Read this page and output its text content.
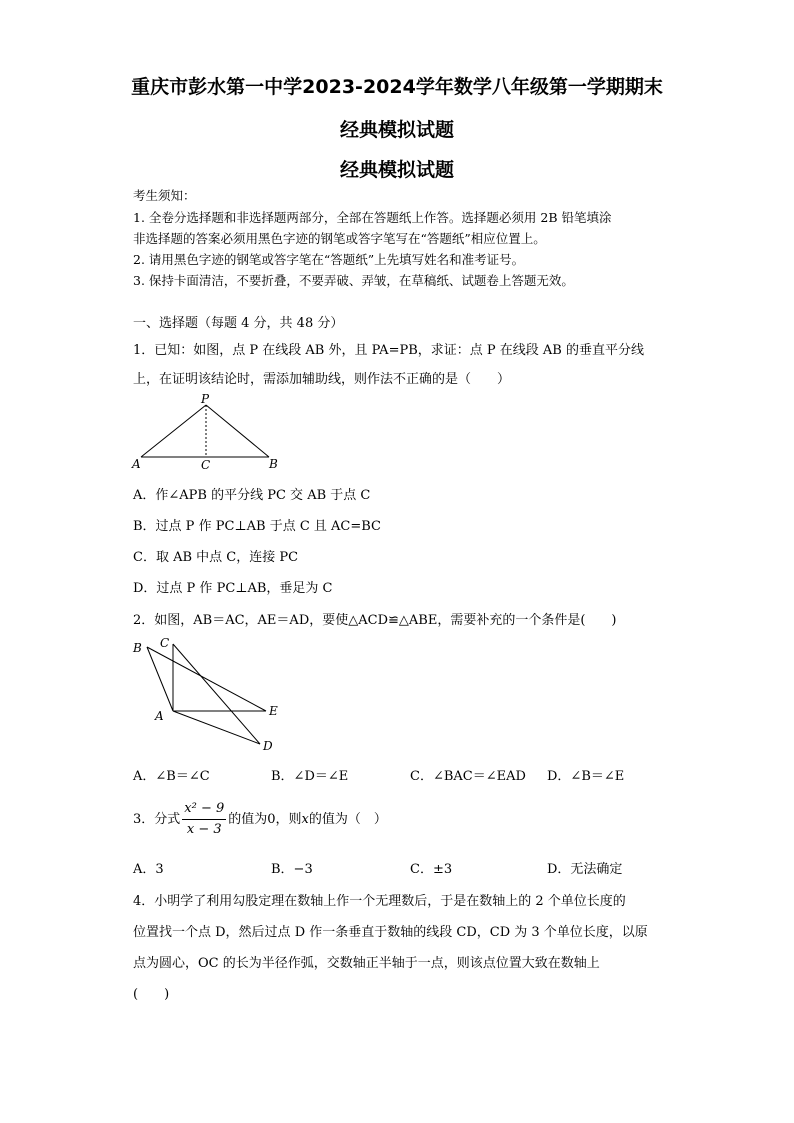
重庆市彭水第一中学2023-2024学年数学八年级第一学期期末
经典模拟试题
经典模拟试题
考生须知：
1. 全卷分选择题和非选择题两部分，全部在答题纸上作答。选择题必须用 2B 铅笔填涂
非选择题的答案必须用黑色字迹的钢笔或答字笔写在“答题纸”相应位置上。
2. 请用黑色字迹的钢笔或答字笔在“答题纸”上先填写姓名和准考证号。
3. 保持卡面清洁，不要折叠，不要弄破、弄皱，在草稿纸、试题卷上答题无效。
一、选择题（每题 4 分，共 48 分）
1．已知：如图，点 P 在线段 AB 外，且 PA=PB，求证：点 P 在线段 AB 的垂直平分线
上，在证明该结论时，需添加辅助线，则作法不正确的是（　　）
P
A	C	B
A．作∠APB 的平分线 PC 交 AB 于点 C
B．过点 P 作 PC⊥AB 于点 C 且 AC=BC
C．取 AB 中点 C，连接 PC
D．过点 P 作 PC⊥AB，垂足为 C
2．如图，AB＝AC，AE＝AD，要使△ACD≌△ABE，需要补充的一个条件是(　　)
B C
A	E
D
A．∠B＝∠C	B．∠D＝∠E	C．∠BAC＝∠EAD D．∠B＝∠E
3．分式 $\frac{\text{x² − 9}}{x - 3}$ 的值为0，则x的值为（　）
A．3	B．−3	C．±3	D．无法确定
4．小明学了利用勾股定理在数轴上作一个无理数后，于是在数轴上的 2 个单位长度的
位置找一个点 D，然后过点 D 作一条垂直于数轴的线段 CD，CD 为 3 个单位长度，以原
点为圆心，OC 的长为半径作弧，交数轴正半轴于一点，则该点位置大致在数轴上
(　　)
